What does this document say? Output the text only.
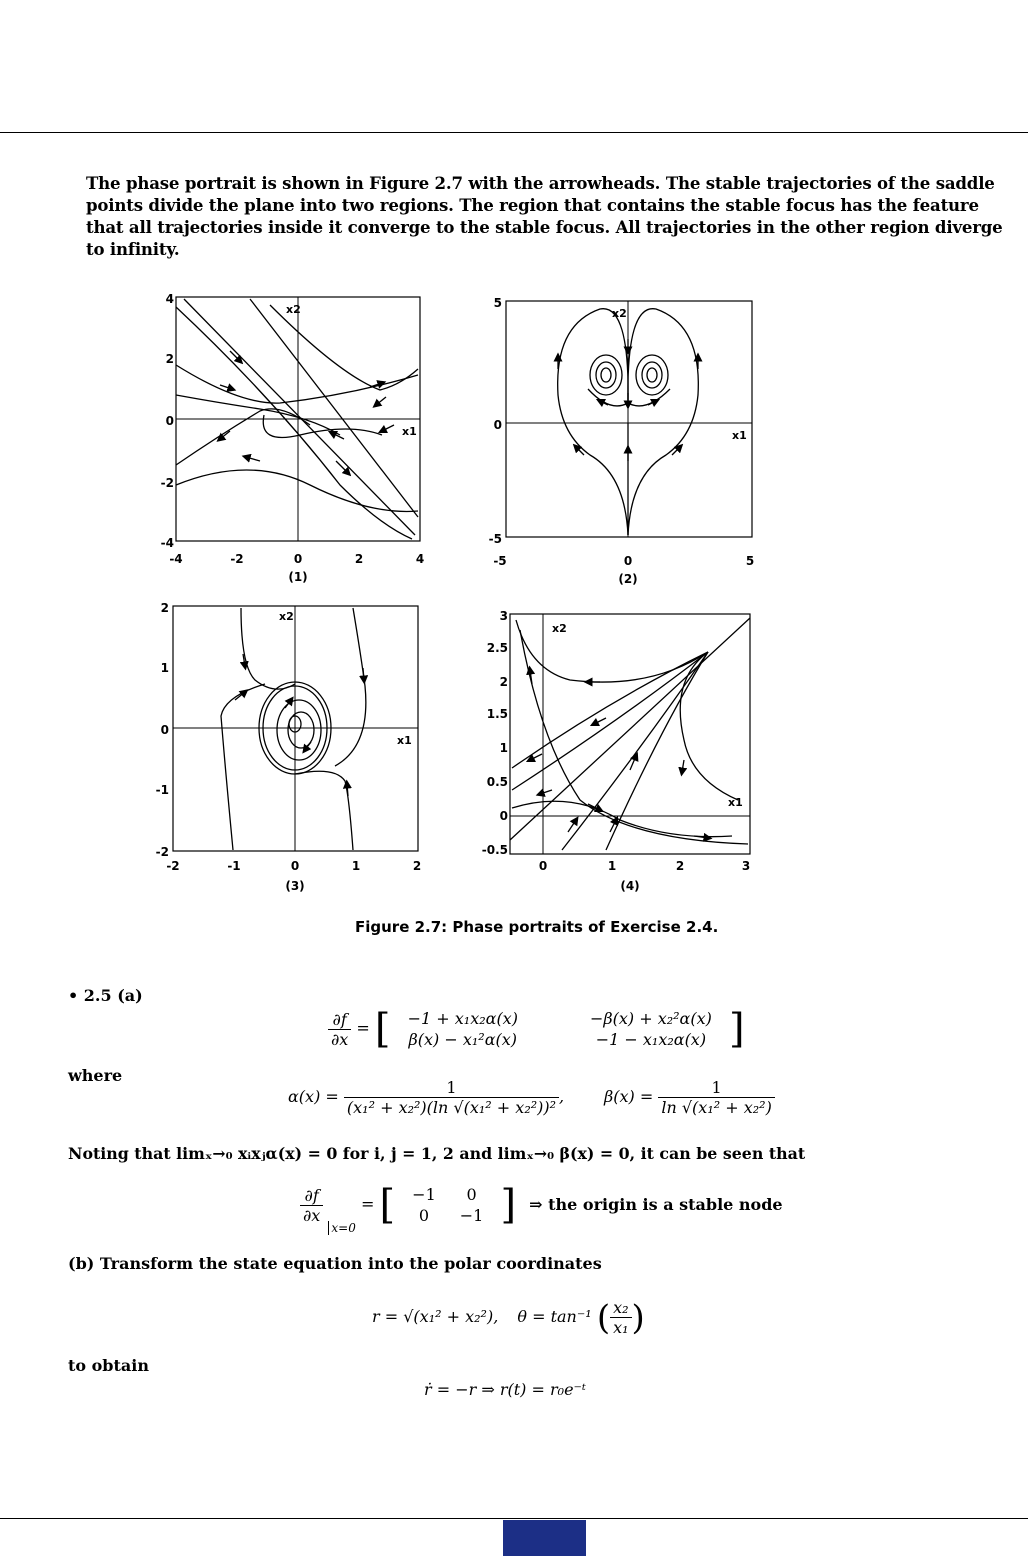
The phase portrait is shown in Figure 2.7 with the arrowheads. The stable trajectories of the saddle points divide the plane into two regions. The region that contains the stable focus has the feature that all trajectories inside it converge to the stable focus. All trajectories in the other region diverge to infinity.
4
2
0
-2
-4
-4	-2	0	2	4
x2
x1
(1)
5
0
-5
-5	0	5
x2
x1
(2)
2
1
0
-1
-2
-2	-1	0	1	2
x2
x1
(3)
3
2.5
2
1.5
1
0.5
0
-0.5
0	1	2	3
x2
x1
(4)
Figure 2.7: Phase portraits of Exercise 2.4.
• 2.5 (a)
$\frac{\partial f}{\partial x}$ = [ −1 + x₁x₂α(x)	−β(x) + x₂²α(x)
β(x) − x₁²α(x)	−1 − x₁x₂α(x) ]
where
$\alpha(x) = \frac{1}{\text{(x₁² + x₂²)(ln √(x₁² + x₂²))²}}$ , $\beta(x) = \frac{1}{\text{ln √(x₁² + x₂²)}}$
Noting that limₓ→₀ xᵢxⱼα(x) = 0 for i, j = 1, 2 and limₓ→₀ β(x) = 0, it can be seen that
$\frac{\partial f}{\partial x}$
$_{x=0}$ = [ −1	0
0	−1 ] ⇒ the origin is a stable node
(b) Transform the state equation into the polar coordinates
r = √(x₁² + x₂²), θ = tan⁻¹ ( $\frac{\text{x₂}}{\text{x₁}}$ )
to obtain
ṙ = −r ⇒ r(t) = r₀e⁻ᵗ
